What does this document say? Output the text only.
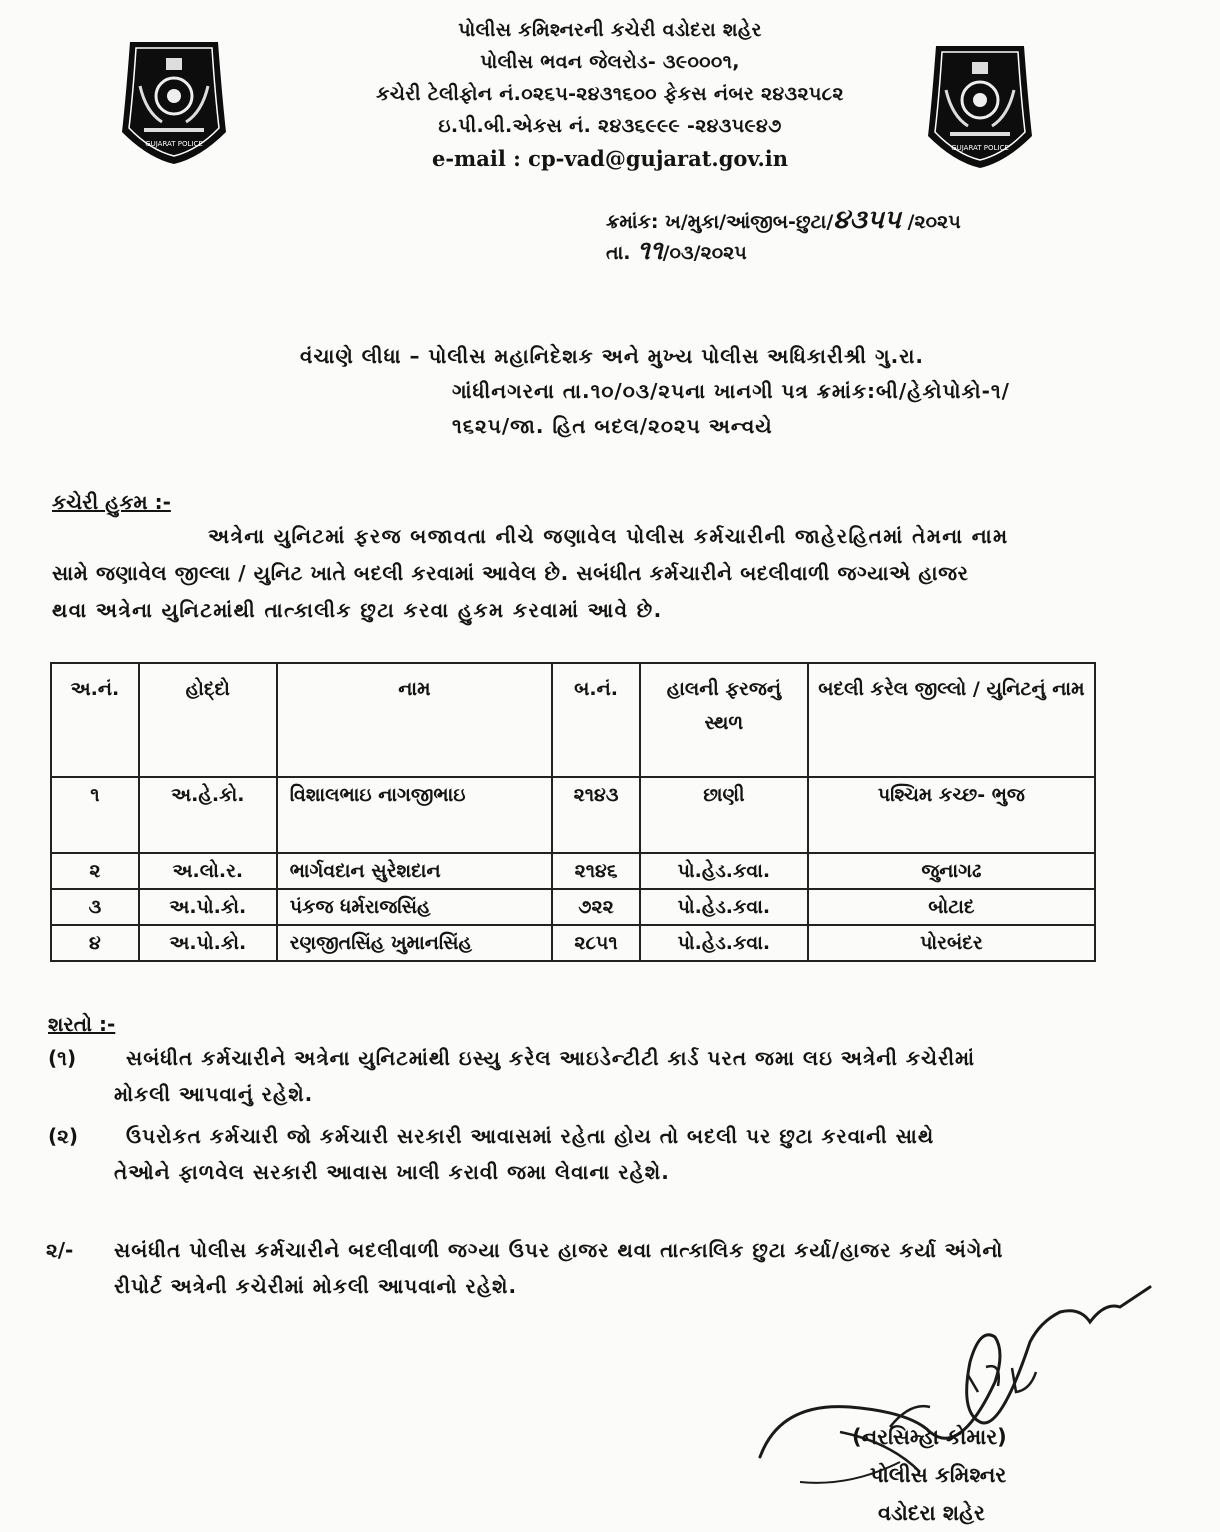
GUJARAT POLICE	GUJARAT POLICE
પોલીસ કમિશ્નરની કચેરી વડોદરા શહેર
પોલીસ ભવન જેલરોડ- ૩૯૦૦૦૧,
કચેરી ટેલીફોન નં.૦૨૬૫-૨૪૩૧૬૦૦ ફેકસ નંબર ૨૪૩૨૫૮૨
ઇ.પી.બી.એકસ નં. ૨૪૩૬૯૯૯ -૨૪૩૫૯૪૭
e-mail : cp-vad@gujarat.gov.in
ક્રમાંક: ખ/મુકા/આંજીબ-છુટા/૪૩૫૫ /૨૦૨૫
તા. ૧૧/૦૩/૨૦૨૫
વંચાણે લીધા – પોલીસ મહાનિદેશક અને મુખ્ય પોલીસ અધિકારીશ્રી ગુ.રા.
ગાંધીનગરના તા.૧૦/૦૩/૨૫ના ખાનગી પત્ર ક્રમાંક:બી/હેકોપોકો-૧/
૧૬૨૫/જા. હિત બદલ/૨૦૨૫ અન્વયે
કચેરી હુકમ :-
અત્રેના યુનિટમાં ફરજ બજાવતા નીચે જણાવેલ પોલીસ કર્મચારીની જાહેરહિતમાં તેમના નામ
સામે જણાવેલ જીલ્લા / યુનિટ ખાતે બદલી કરવામાં આવેલ છે. સબંધીત કર્મચારીને બદલીવાળી જગ્યાએ હાજર
થવા અત્રેના યુનિટમાંથી તાત્કાલીક છુટા કરવા હુકમ કરવામાં આવે છે.
અ.નં.	હોદ્દો	નામ	બ.નં.	હાલની ફરજનું સ્થળ	બદલી કરેલ જીલ્લો / યુનિટનું નામ
૧	અ.હે.કો.	વિશાલભાઇ નાગજીભાઇ	૨૧૪૩	છાણી	પશ્ચિમ કચ્છ- ભુજ
૨	અ.લો.ર.	ભાર્ગવદાન સુરેશદાન	૨૧૪૬	પો.હેડ.કવા.	જુનાગઢ
૩	અ.પો.કો.	પંકજ ધર્મરાજસિંહ	૭૨૨	પો.હેડ.કવા.	બોટાદ
૪	અ.પો.કો.	રણજીતસિંહ ખુમાનસિંહ	૨૮૫૧	પો.હેડ.કવા.	પોરબંદર
શરતો :-
(૧) સબંધીત કર્મચારીને અત્રેના યુનિટમાંથી ઇસ્યુ કરેલ આઇડેન્ટીટી કાર્ડ પરત જમા લઇ અત્રેની કચેરીમાં
મોકલી આપવાનું રહેશે.
(૨) ઉપરોકત કર્મચારી જો કર્મચારી સરકારી આવાસમાં રહેતા હોય તો બદલી પર છુટા કરવાની સાથે
તેઓને ફાળવેલ સરકારી આવાસ ખાલી કરાવી જમા લેવાના રહેશે.
૨/- સબંધીત પોલીસ કર્મચારીને બદલીવાળી જગ્યા ઉપર હાજર થવા તાત્કાલિક છુટા કર્યા/હાજર કર્યા અંગેનો
રીપોર્ટ અત્રેની કચેરીમાં મોકલી આપવાનો રહેશે.
(નરસિમ્હા કોમાર)
પોલીસ કમિશ્નર
વડોદરા શહેર
